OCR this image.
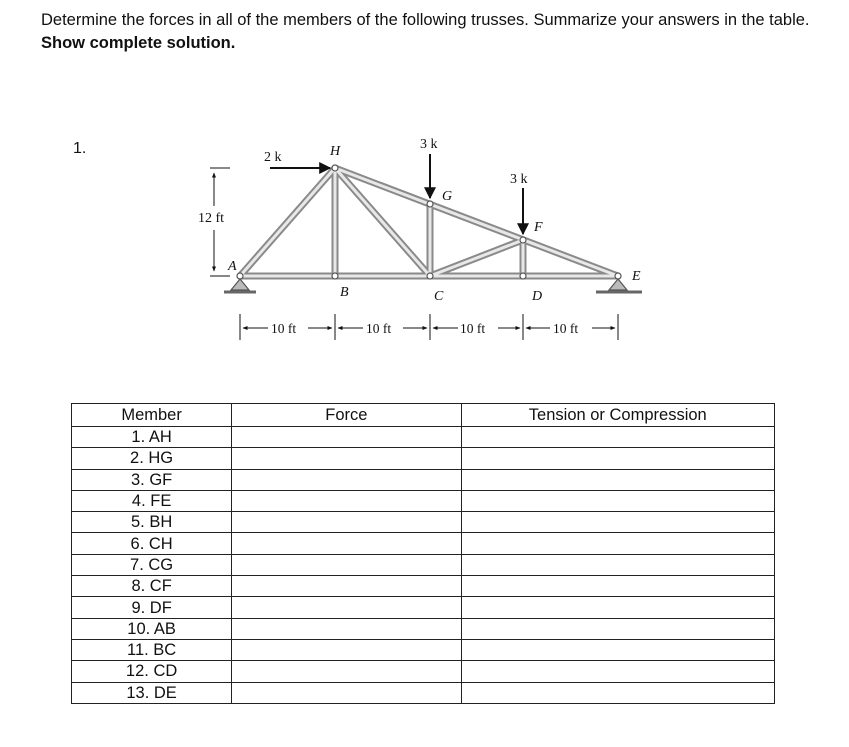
Determine the forces in all of the members of the following trusses. Summarize your answers in the table. Show complete solution.
1.
2 k
3 k
3 k
12 ft
A
H
G
F
B	C	D
E
10 ft	10 ft	10 ft	10 ft
Member	Force	Tension or Compression
1. AH		
2. HG		
3. GF		
4. FE		
5. BH		
6. CH		
7. CG		
8. CF		
9. DF		
10. AB		
11. BC		
12. CD		
13. DE		
